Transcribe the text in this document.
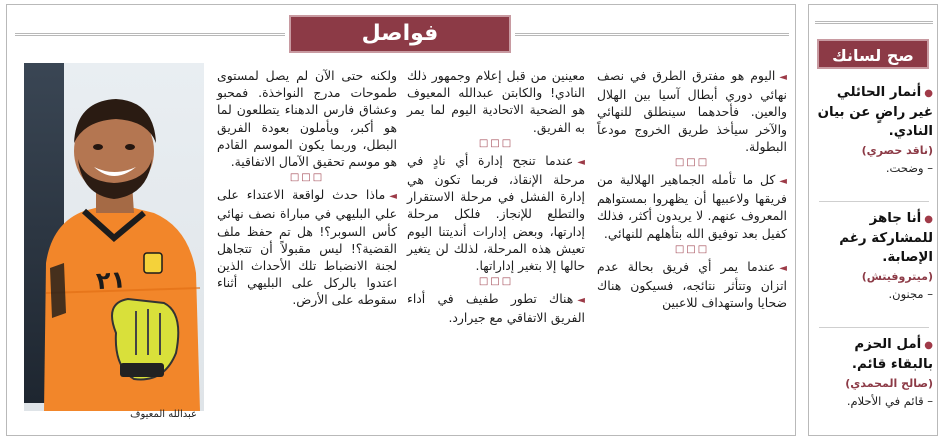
فواصل
٢١
عبدالله المعيوف

◄اليوم هو مفترق الطرق في نصف نهائي دوري أبطال آسيا بين الهلال والعين. فأحدهما سينطلق للنهائي والآخر سيأخذ طريق الخروج مودعاً البطولة.

□□□

◄كل ما تأمله الجماهير الهلالية من فريقها ولاعبيها أن يظهروا بمستواهم المعروف عنهم. لا يريدون أكثر، فذلك كفيل بعد توفيق الله بتأهلهم للنهائي.

□□□

◄عندما يمر أي فريق بحالة عدم اتزان وتتأثر نتائجه، فسيكون هناك ضحايا واستهداف للاعبين

معينين من قبل إعلام وجمهور ذلك النادي! والكابتن عبدالله المعيوف هو الضحية الاتحادية اليوم لما يمر به الفريق.

□□□

◄عندما تنجح إدارة أي نادٍ في مرحلة الإنقاذ، فربما تكون هي إدارة الفشل في مرحلة الاستقرار والتطلع للإنجاز. فلكل مرحلة إدارتها، وبعض إدارات أنديتنا اليوم تعيش هذه المرحلة، لذلك لن يتغير حالها إلا بتغير إداراتها.

□□□

◄هناك تطور طفيف في أداء الفريق الاتفاقي مع جيرارد.

ولكنه حتى الآن لم يصل لمستوى طموحات مدرج النواخذة. فمحبو وعشاق فارس الدهناء يتطلعون لما هو أكبر، ويأملون بعودة الفريق البطل، وربما يكون الموسم القادم هو موسم تحقيق الآمال الاتفاقية.

□□□

◄ماذا حدث لواقعة الاعتداء على علي البليهي في مباراة نصف نهائي كأس السوبر؟! هل تم حفظ ملف القضية؟! ليس مقبولاً أن تتجاهل لجنة الانضباط تلك الأحداث الذين اعتدوا بالركل على البليهي أثناء سقوطه على الأرض.

صح لسانك
●أنمار الحائلي غير راضٍ عن بيان النادي.
(ناقد حصري)
– وضحت.
●أنا جاهز للمشاركة رغم الإصابة.
(ميتروفيتش)
– مجنون.
●أمل الحزم بالبقاء قائم.
(صالح المحمدي)
– قائم في الأحلام.
